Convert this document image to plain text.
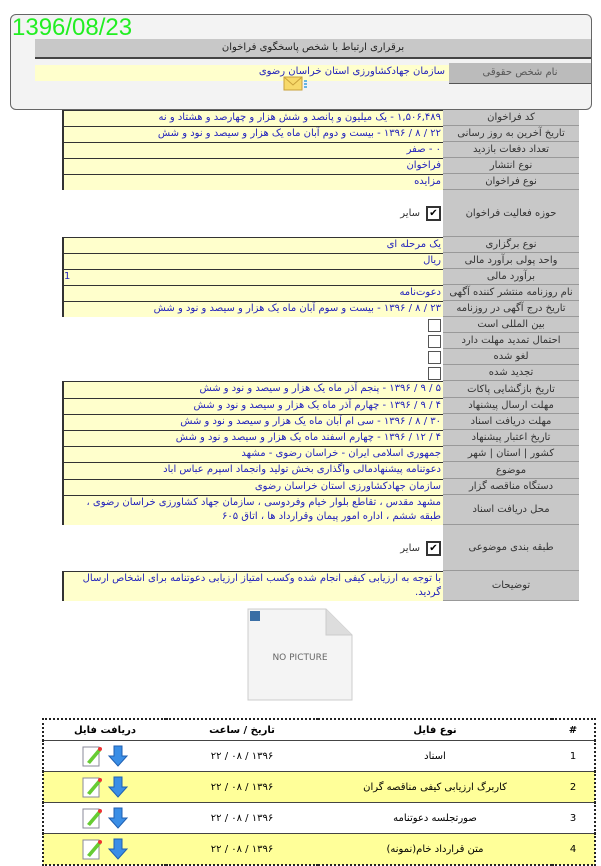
1396/08/23
برقراری ارتباط با شخص پاسخگوی فراخوان
نام شخص حقوقی
سازمان جهادکشاورزی استان خراسان رضوی
کد فراخوان
۱,۵۰۶,۴۸۹ - یک میلیون و پانصد و شش هزار و چهارصد و هشتاد و نه
تاریخ آخرین به روز رسانی
۲۲ / ۸ / ۱۳۹۶ - بیست و دوم آبان ماه یک هزار و سیصد و نود و شش
تعداد دفعات بازدید
۰ - صفر
نوع انتشار
فراخوان
نوع فراخوان
مزایده
حوزه فعالیت فراخوان
✔
سایر
نوع برگزاری
یک مرحله ای
واحد پولی برآورد مالی
ریال
برآورد مالی
1
نام روزنامه منتشر کننده آگهی
دعوت‌نامه
تاریخ درج آگهی در روزنامه
۲۳ / ۸ / ۱۳۹۶ - بیست و سوم آبان ماه یک هزار و سیصد و نود و شش
بین المللی است
احتمال تمدید مهلت دارد
لغو شده
تجدید شده
تاریخ بازگشایی پاکات
۵ / ۹ / ۱۳۹۶ - پنجم آذر ماه یک هزار و سیصد و نود و شش
مهلت ارسال پیشنهاد
۴ / ۹ / ۱۳۹۶ - چهارم آذر ماه یک هزار و سیصد و نود و شش
مهلت دریافت اسناد
۳۰ / ۸ / ۱۳۹۶ - سی ام آبان ماه یک هزار و سیصد و نود و شش
تاریخ اعتبار پیشنهاد
۴ / ۱۲ / ۱۳۹۶ - چهارم اسفند ماه یک هزار و سیصد و نود و شش
کشور | استان | شهر
جمهوری اسلامی ایران - خراسان رضوی - مشهد
موضوع
دعوتنامه پیشنهادمالی واگذاری بخش تولید وانجماد اسپرم عباس اباد
دستگاه مناقصه گزار
سازمان جهادکشاورزی استان خراسان رضوی
محل دریافت اسناد
مشهد مقدس ، تقاطع بلوار خیام وفردوسی ، سازمان جهاد کشاورزی خراسان رضوی ، طبقه ششم ، اداره امور پیمان وقرارداد ها ، اتاق ۶۰۵
طبقه بندی موضوعی
✔
سایر
توضیحات
با توجه به ارزیابی کیفی انجام شده وکسب امتیاز ارزیابی دعوتنامه برای اشخاص ارسال گردید.
NO PICTURE
#	نوع فایل	تاریخ / ساعت	دریافت فایل
1	اسناد	۱۳۹۶ / ۰۸ / ۲۲	
2	کاربرگ ارزیابی کیفی مناقصه گران	۱۳۹۶ / ۰۸ / ۲۲	
3	صورتجلسه دعوتنامه	۱۳۹۶ / ۰۸ / ۲۲	
4	متن قرارداد خام(نمونه)	۱۳۹۶ / ۰۸ / ۲۲	
